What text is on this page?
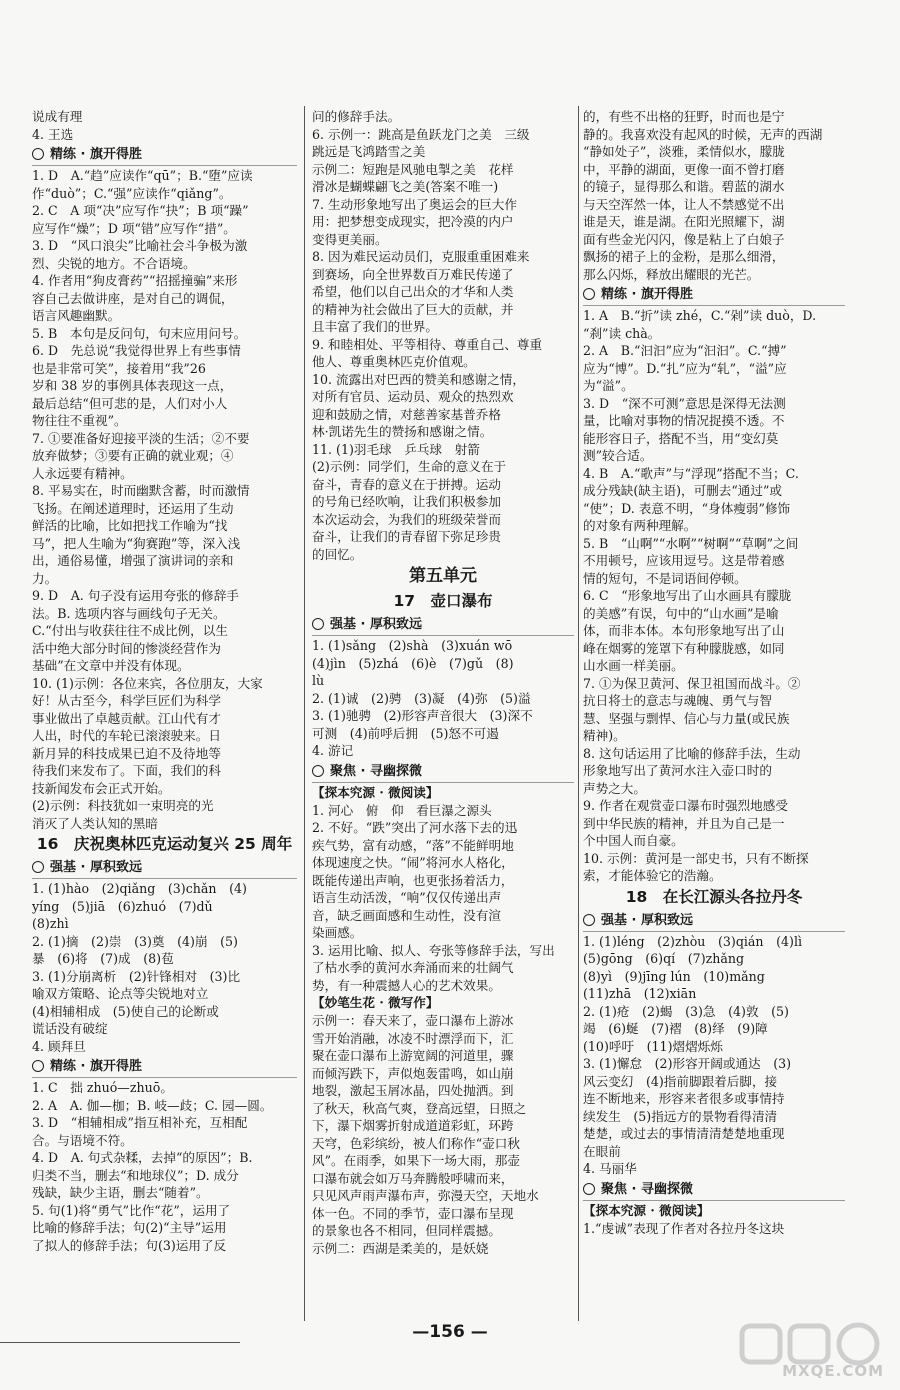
说成有理
4. 王选
精练 · 旗开得胜
1. D　A.“趋”应读作“qū”；B.“堕”应读
作“duò”；C.“强”应读作“qiǎng”。
2. C　A 项“决”应写作“抉”；B 项“躁”
应写作“燥”；D 项“错”应写作“措”。
3. D　“风口浪尖”比喻社会斗争极为激
烈、尖锐的地方。不合语境。
4. 作者用“狗皮膏药”“招摇撞骗”来形
容自己去做讲座，是对自己的调侃，
语言风趣幽默。
5. B　本句是反问句，句末应用问号。
6. D　先总说“我觉得世界上有些事情
也是非常可笑”，接着用“我”26
岁和 38 岁的事例具体表现这一点，
最后总结“但可悲的是，人们对小人
物往往不重视”。
7. ①要准备好迎接平淡的生活；②不要
放弃做梦；③要有正确的就业观；④
人永远要有精神。
8. 平易实在，时而幽默含蓄，时而激情
飞扬。在阐述道理时，还运用了生动
鲜活的比喻，比如把找工作喻为“找
马”，把人生喻为“狗赛跑”等，深入浅
出，通俗易懂，增强了演讲词的亲和
力。
9. D　A. 句子没有运用夸张的修辞手
法。B. 选项内容与画线句子无关。
C.“付出与收获往往不成比例，以生
活中绝大部分时间的惨淡经营作为
基础”在文章中并没有体现。
10. (1)示例：各位来宾，各位朋友，大家
好！从古至今，科学巨匠们为科学
事业做出了卓越贡献。江山代有才
人出，时代的车轮已滚滚驶来。日
新月异的科技成果已迫不及待地等
待我们来发布了。下面，我们的科
技新闻发布会正式开始。
(2)示例：科技犹如一束明亮的光
消灭了人类认知的黑暗
16　庆祝奥林匹克运动复兴 25 周年
强基 · 厚积致远
1. (1)hào　(2)qiǎng　(3)chǎn　(4)
yíng　(5)jiā　(6)zhuó　(7)dǔ
(8)zhì
2. (1)摘　(2)崇　(3)奠　(4)崩　(5)
暴　(6)将　(7)成　(8)苞
3. (1)分崩离析　(2)针锋相对　(3)比
喻双方策略、论点等尖锐地对立
(4)相辅相成　(5)使自己的论断或
谎话没有破绽
4. 顾拜旦
精练 · 旗开得胜
1. C　拙 zhuó—zhuō。
2. A　A. 伽—枷；B. 岐—歧；C. 园—圆。
3. D　“相辅相成”指互相补充，互相配
合。与语境不符。
4. D　A. 句式杂糅，去掉“的原因”；B.
归类不当，删去“和地球仪”；D. 成分
残缺，缺少主语，删去“随着”。
5. 句(1)将“勇气”比作“花”，运用了
比喻的修辞手法；句(2)“主导”运用
了拟人的修辞手法；句(3)运用了反
问的修辞手法。
6. 示例一：跳高是鱼跃龙门之美　三级
跳远是飞鸿踏雪之美
示例二：短跑是风驰电掣之美　花样
滑冰是蝴蝶翩飞之美(答案不唯一)
7. 生动形象地写出了奥运会的巨大作
用：把梦想变成现实，把冷漠的内户
变得更美丽。
8. 因为难民运动员们，克服重重困难来
到赛场，向全世界数百万难民传递了
希望，他们以自己出众的才华和人类
的精神为社会做出了巨大的贡献，并
且丰富了我们的世界。
9. 和睦相处、平等相待、尊重自己、尊重
他人、尊重奥林匹克价值观。
10. 流露出对巴西的赞美和感谢之情，
对所有官员、运动员、观众的热烈欢
迎和鼓励之情，对慈善家基普乔格
林·凯诺先生的赞扬和感谢之情。
11. (1)羽毛球　乒乓球　射箭
(2)示例：同学们，生命的意义在于
奋斗，青春的意义在于拼搏。运动
的号角已经吹响，让我们积极参加
本次运动会，为我们的班级荣誉而
奋斗，让我们的青春留下弥足珍贵
的回忆。
第五单元
17　壶口瀑布
强基 · 厚积致远
1. (1)sǎng　(2)shà　(3)xuán wō
(4)jìn　(5)zhá　(6)è　(7)gǔ　(8)
lù
2. (1)诚　(2)骋　(3)凝　(4)弥　(5)溢
3. (1)驰骋　(2)形容声音很大　(3)深不
可测　(4)前呼后拥　(5)怒不可遏
4. 游记
聚焦 · 寻幽探微
【探本究源 · 微阅读】
1. 河心　俯　仰　看巨瀑之源头
2. 不好。“跌”突出了河水落下去的迅
疾气势，富有动感，“落”不能鲜明地
体现速度之快。“闹”将河水人格化，
既能传递出声响，也更张扬着活力，
语言生动活泼，“响”仅仅传递出声
音，缺乏画面感和生动性，没有渲
染画感。
3. 运用比喻、拟人、夸张等修辞手法，写出
了枯水季的黄河水奔涌而来的壮阔气
势，有一种震撼人心的艺术效果。
【妙笔生花 · 微写作】
示例一：春天来了，壶口瀑布上游冰
雪开始消融，冰凌不时漂浮而下，汇
聚在壶口瀑布上游宽阔的河道里，骤
而倾泻跌下，声似炮轰雷鸣，如山崩
地裂，激起玉屑冰晶，四处抛洒。到
了秋天，秋高气爽，登高远望，日照之
下，瀑下烟雾折射成道道彩虹，环跨
天穹，色彩缤纷，被人们称作“壶口秋
风”。在雨季，如果下一场大雨，那壶
口瀑布就会如万马奔腾般呼啸而来，
只见风声雨声瀑布声，弥漫天空，天地水
体一色。不同的季节，壶口瀑布呈现
的景象也各不相同，但同样震撼。
示例二：西湖是柔美的，是妖娆
的，有些不出格的狂野，时而也是宁
静的。我喜欢没有起风的时候，无声的西湖
“静如处子”，淡雅，柔情似水，朦胧
中，平静的湖面，更像一面不曾打磨
的镜子，显得那么和谐。碧蓝的湖水
与天空浑然一体，让人不禁感觉不出
谁是天，谁是湖。在阳光照耀下，湖
面有些金光闪闪，像是粘上了白娘子
飘扬的裙子上的金粉，是那么细滑，
那么闪烁，释放出耀眼的光芒。
精练 · 旗开得胜
1. A　B.“折”读 zhé，C.“剁”读 duò，D.
“刹”读 chà。
2. A　B.“汩汩”应为“汩汩”。C.“搏”
应为“博”。D.“扎”应为“轧”，“溢”应
为“溢”。
3. D　“深不可测”意思是深得无法测
量，比喻对事物的情况捉摸不透。不
能形容日子，搭配不当，用“变幻莫
测”较合适。
4. B　A.“歌声”与“浮现”搭配不当；C.
成分残缺(缺主语)，可删去“通过”或
“使”；D. 表意不明，“身体瘦弱”修饰
的对象有两种理解。
5. B　“山啊”“水啊”“树啊”“草啊”之间
不用顿号，应该用逗号。这是带着感
情的短句，不是词语间停顿。
6. C　“形象地写出了山水画具有朦胧
的美感”有误，句中的“山水画”是喻
体，而非本体。本句形象地写出了山
峰在烟雾的笼罩下有种朦胧感，如同
山水画一样美丽。
7. ①为保卫黄河、保卫祖国而战斗。②
抗日将士的意志与魂魄、勇气与智
慧、坚强与剽悍、信心与力量(或民族
精神)。
8. 这句话运用了比喻的修辞手法，生动
形象地写出了黄河水注入壶口时的
声势之大。
9. 作者在观赏壶口瀑布时强烈地感受
到中华民族的精神，并且为自己是一
个中国人而自豪。
10. 示例：黄河是一部史书，只有不断探
索，才能体验它的浩瀚。
18　在长江源头各拉丹冬
强基 · 厚积致远
1. (1)léng　(2)zhòu　(3)qián　(4)lì
(5)gōng　(6)qí　(7)zhǎng
(8)yì　(9)jīng lún　(10)mǎng
(11)zhā　(12)xiān
2. (1)疮　(2)蝎　(3)急　(4)敦　(5)
竭　(6)蜒　(7)褶　(8)绎　(9)障
(10)呼吁　(11)熠熠烁烁
3. (1)懈怠　(2)形容开阔或通达　(3)
风云变幻　(4)指前脚跟着后脚，接
连不断地来，形容来者很多或事情持
续发生　(5)指远方的景物看得清清
楚楚，或过去的事情清清楚楚地重现
在眼前
4. 马丽华
聚焦 · 寻幽探微
【探本究源 · 微阅读】
1.“虔诚”表现了作者对各拉丹冬这块
—156 —
MXQE.COM
